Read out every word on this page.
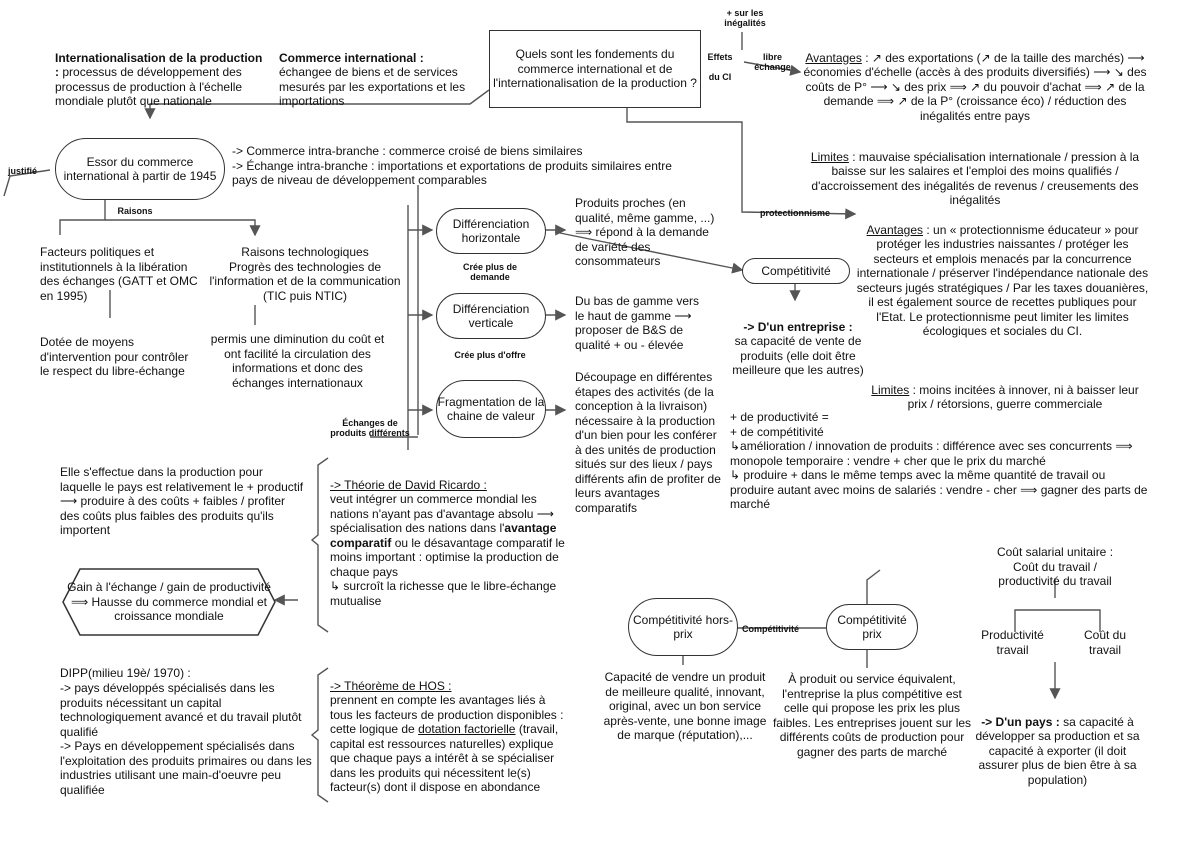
Quels sont les fondements du commerce international et de l'internationalisation de la production ?

Internationalisation de la production : processus de développement des processus de production à l'échelle mondiale plutôt que nationale

Commerce international :
échangee de biens et de services mesurés par les exportations et les importations

+ sur les
inégalités
Effets

du CI
libre
échange
protectionnisme

Avantages : ↗ des exportations (↗ de la taille des marchés) ⟶ économies d'échelle (accès à des produits diversifiés) ⟶ ↘ des coûts de P° ⟶ ↘ des prix ⟹ ↗ du pouvoir d'achat ⟹ ↗ de la demande ⟹ ↗ de la P° (croissance éco) / réduction des inégalités entre pays

Limites : mauvaise spécialisation internationale / pression à la baisse sur les salaires et l'emploi des moins qualifiés / d'accroissement des inégalités de revenus / creusements des inégalités

Avantages : un « protectionnisme éducateur » pour protéger les industries naissantes / protéger les secteurs et emplois menacés par la concurrence internationale / préserver l'indépendance nationale des secteurs jugés stratégiques / Par les taxes douanières, il est également source de recettes publiques pour l'Etat. Le protectionnisme peut limiter les limites écologiques et sociales du CI.

Limites : moins incitées à innover, ni à baisser leur prix / rétorsions, guerre commerciale

Essor du commerce international à partir de 1945
justifié
-> Commerce intra-branche : commerce croisé de biens similaires
-> Échange intra-branche : importations et exportations de produits similaires entre pays de niveau de développement comparables
Raisons
Facteurs politiques et institutionnels à la libération des échanges (GATT et OMC en 1995)
Dotée de moyens d'intervention pour contrôler le respect du libre-échange
Raisons technologiques
Progrès des technologies de l'information et de la communication (TIC puis NTIC)
permis une diminution du coût et ont facilité la circulation des informations et donc des échanges internationaux
Différenciation horizontale
Produits proches (en qualité, même gamme, ...) ⟹ répond à la demande de variété des consommateurs
Crée plus de demande
Différenciation verticale
Du bas de gamme vers le haut de gamme ⟶ proposer de B&S de qualité + ou - élevée
Crée plus d'offre
Fragmentation de la chaine de valeur
Découpage en différentes étapes des activités (de la conception à la livraison) nécessaire à la production d'un bien pour les conférer à des unités de production situés sur des lieux / pays différents afin de profiter de leurs avantages comparatifs
Échanges de produits différents
Compétitivité

-> D'un entreprise :
sa capacité de vente de produits (elle doit être meilleure que les autres)

+ de productivité =
+ de compétitivité
↳amélioration / innovation de produits : différence avec ses concurrents ⟹ monopole temporaire : vendre + cher que le prix du marché
↳ produire + dans le même temps avec la même quantité de travail ou produire autant avec moins de salariés : vendre - cher ⟹ gagner des parts de marché
Elle s'effectue dans la production pour laquelle le pays est relativement le + productif ⟶ produire à des coûts + faibles / profiter des coûts plus faibles des produits qu'ils importent

-> Théorie de David Ricardo :
veut intégrer un commerce mondial les nations n'ayant pas d'avantage absolu ⟶ spécialisation des nations dans l'avantage comparatif ou le désavantage comparatif le moins important : optimise la production de chaque pays
↳ surcroît la richesse que le libre-échange mutualise

Gain à l'échange / gain de productivité ⟹ Hausse du commerce mondial et croissance mondiale
DIPP(milieu 19è/ 1970) :
-> pays développés spécialisés dans les produits nécessitant un capital technologiquement avancé et du travail plutôt qualifié
-> Pays en développement spécialisés dans l'exploitation des produits primaires ou dans les industries utilisant une main-d'oeuvre peu qualifiée

-> Théorème de HOS :
prennent en compte les avantages liés à tous les facteurs de production disponibles : cette logique de dotation factorielle (travail, capital est ressources naturelles) explique que chaque pays a intérêt à se spécialiser dans les produits qui nécessitent le(s) facteur(s) dont il dispose en abondance

Compétitivité hors-prix	Compétitivité
Compétitivité prix
Capacité de vendre un produit de meilleure qualité, innovant, original, avec un bon service après-vente, une bonne image de marque (réputation),...
À produit ou service équivalent, l'entreprise la plus compétitive est celle qui propose les prix les plus faibles. Les entreprises jouent sur les différents coûts de production pour gagner des parts de marché
Coût salarial unitaire :
Coût du travail /
productivité du travail
Productivité
travail
Coût du
travail

-> D'un pays : sa capacité à développer sa production et sa capacité à exporter (il doit assurer plus de bien être à sa population)
